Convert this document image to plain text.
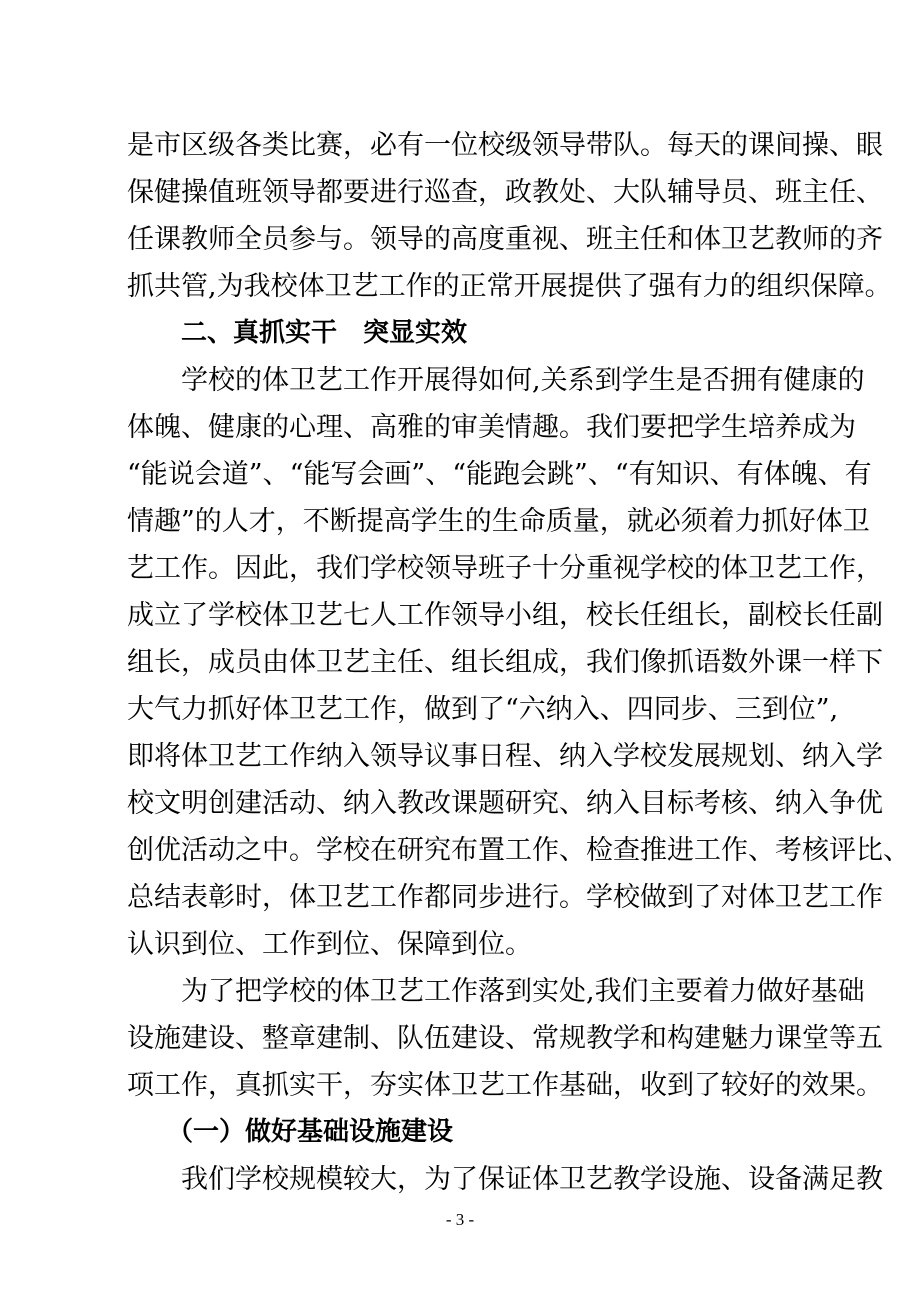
是市区级各类比赛，必有一位校级领导带队。每天的课间操、眼
保健操值班领导都要进行巡查，政教处、大队辅导员、班主任、
任课教师全员参与。领导的高度重视、班主任和体卫艺教师的齐
抓共管,为我校体卫艺工作的正常开展提供了强有力的组织保障。
二、真抓实干　突显实效
学校的体卫艺工作开展得如何,关系到学生是否拥有健康的
体魄、健康的心理、高雅的审美情趣。我们要把学生培养成为
“能说会道”、“能写会画”、“能跑会跳”、“有知识、有体魄、有
情趣”的人才，不断提高学生的生命质量，就必须着力抓好体卫
艺工作。因此，我们学校领导班子十分重视学校的体卫艺工作，
成立了学校体卫艺七人工作领导小组，校长任组长，副校长任副
组长，成员由体卫艺主任、组长组成，我们像抓语数外课一样下
大气力抓好体卫艺工作，做到了“六纳入、四同步、三到位”,
即将体卫艺工作纳入领导议事日程、纳入学校发展规划、纳入学
校文明创建活动、纳入教改课题研究、纳入目标考核、纳入争优
创优活动之中。学校在研究布置工作、检查推进工作、考核评比、
总结表彰时，体卫艺工作都同步进行。学校做到了对体卫艺工作
认识到位、工作到位、保障到位。
为了把学校的体卫艺工作落到实处,我们主要着力做好基础
设施建设、整章建制、队伍建设、常规教学和构建魅力课堂等五
项工作，真抓实干，夯实体卫艺工作基础，收到了较好的效果。
（一）做好基础设施建设
我们学校规模较大，为了保证体卫艺教学设施、设备满足教
- 3 -
